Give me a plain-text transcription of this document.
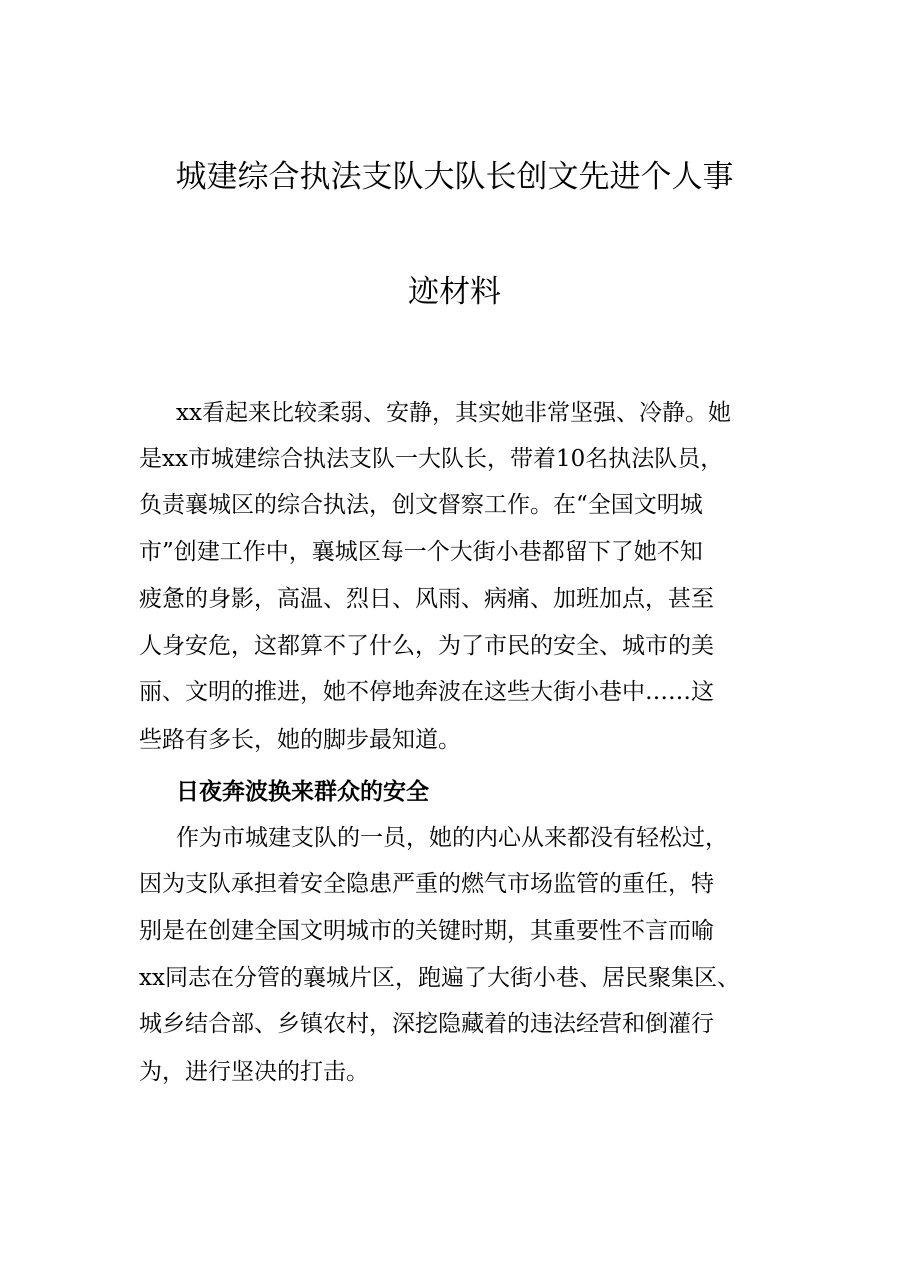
城建综合执法支队大队长创文先进个人事
迹材料
xx看起来比较柔弱、安静，其实她非常坚强、冷静。她
是xx市城建综合执法支队一大队长，带着10名执法队员，
负责襄城区的综合执法，创文督察工作。在“全国文明城
市”创建工作中，襄城区每一个大街小巷都留下了她不知
疲惫的身影，高温、烈日、风雨、病痛、加班加点，甚至
人身安危，这都算不了什么，为了市民的安全、城市的美
丽、文明的推进，她不停地奔波在这些大街小巷中……这
些路有多长，她的脚步最知道。
日夜奔波换来群众的安全
作为市城建支队的一员，她的内心从来都没有轻松过，
因为支队承担着安全隐患严重的燃气市场监管的重任，特
别是在创建全国文明城市的关键时期，其重要性不言而喻
xx同志在分管的襄城片区，跑遍了大街小巷、居民聚集区、
城乡结合部、乡镇农村，深挖隐藏着的违法经营和倒灌行
为，进行坚决的打击。
